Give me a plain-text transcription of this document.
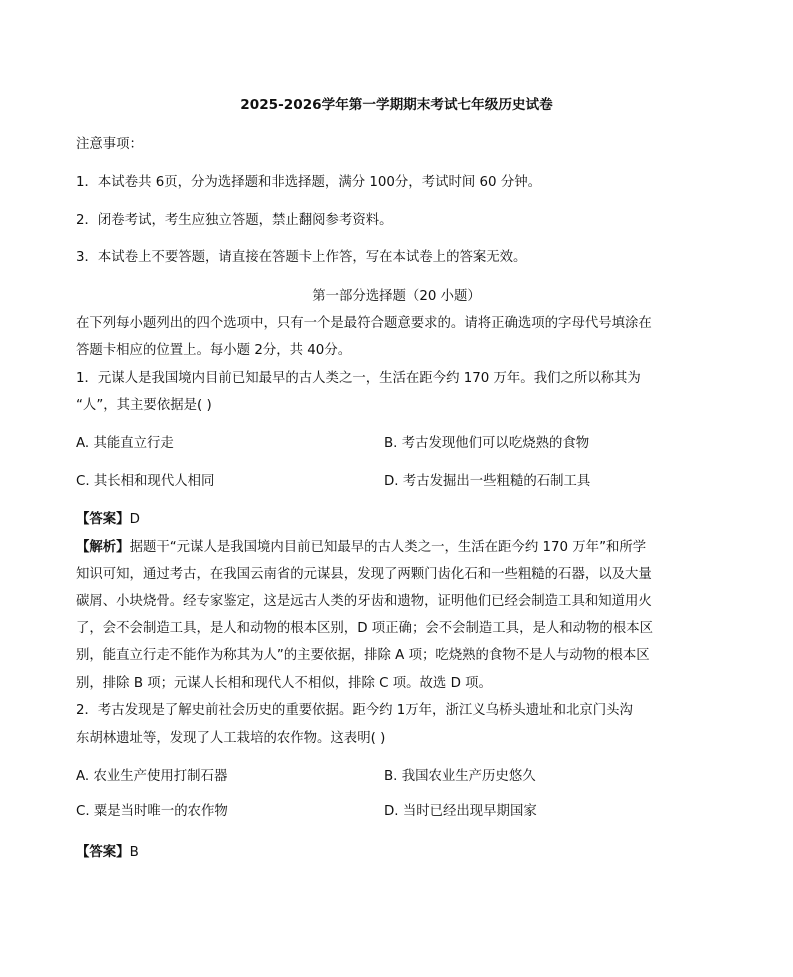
2025-2026学年第一学期期末考试七年级历史试卷
注意事项：
1．本试卷共 6页，分为选择题和非选择题，满分 100分，考试时间 60 分钟。
2．闭卷考试，考生应独立答题，禁止翻阅参考资料。
3．本试卷上不要答题，请直接在答题卡上作答，写在本试卷上的答案无效。
第一部分选择题（20 小题）
在下列每小题列出的四个选项中，只有一个是最符合题意要求的。请将正确选项的字母代号填涂在
答题卡相应的位置上。每小题 2分，共 40分。
1．元谋人是我国境内目前已知最早的古人类之一，生活在距今约 170 万年。我们之所以称其为
“人”，其主要依据是( )
A. 其能直立行走	B. 考古发现他们可以吃烧熟的食物
C. 其长相和现代人相同	D. 考古发掘出一些粗糙的石制工具
【答案】D
【解析】据题干“元谋人是我国境内目前已知最早的古人类之一，生活在距今约 170 万年”和所学
知识可知，通过考古，在我国云南省的元谋县，发现了两颗门齿化石和一些粗糙的石器，以及大量
碳屑、小块烧骨。经专家鉴定，这是远古人类的牙齿和遗物，证明他们已经会制造工具和知道用火
了，会不会制造工具，是人和动物的根本区别，D 项正确；会不会制造工具，是人和动物的根本区
别，能直立行走不能作为称其为人”的主要依据，排除 A 项；吃烧熟的食物不是人与动物的根本区
别，排除 B 项；元谋人长相和现代人不相似，排除 C 项。故选 D 项。
2．考古发现是了解史前社会历史的重要依据。距今约 1万年，浙江义乌桥头遗址和北京门头沟
东胡林遗址等，发现了人工栽培的农作物。这表明( )
A. 农业生产使用打制石器	B. 我国农业生产历史悠久
C. 粟是当时唯一的农作物	D. 当时已经出现早期国家
【答案】B
